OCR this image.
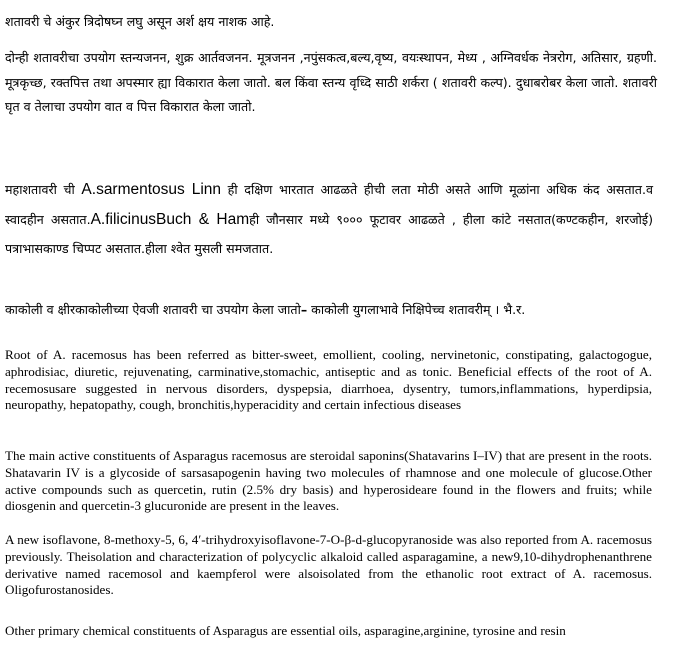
शतावरी चे अंकुर त्रिदोषघ्न लघु असून अर्श क्षय नाशक आहे.

दोन्ही शतावरीचा उपयोग स्तन्यजनन, शुक्र आर्तवजनन. मूत्रजनन ,नपुंसकत्व,बल्य,वृष्य, वयःस्थापन, मेध्य , अग्निवर्धक नेत्ररोग, अतिसार, ग्रहणी. मूत्रकृच्छ, रक्तपित्त तथा अपस्मार ह्या विकारात केला जातो. बल किंवा स्तन्य वृध्दि साठी शर्करा ( शतावरी कल्प). दुधाबरोबर केला जातो. शतावरी घृत व तेलाचा उपयोग वात व पित्त विकारात केला जातो.

महाशतावरी ची A.sarmentosus Linn ही दक्षिण भारतात आढळते हीची लता मोठी असते आणि मूळांना अधिक कंद असतात.व स्वादहीन असतात.A.filicinusBuch & Hamही जौनसार मध्ये ९००० फूटावर आढळते , हीला कांटे नसतात(कण्टकहीन, शरजोई) पत्राभासकाण्ड चिप्पट असतात.हीला श्वेत मुसली समजतात.

काकोली व क्षीरकाकोलीच्या ऐवजी शतावरी चा उपयोग केला जातो– काकोली युगलाभावे निक्षिपेच्च शतावरीम् । भै.र.

Root of A. racemosus has been referred as bitter-sweet, emollient, cooling, nervinetonic, constipating, galactogogue, aphrodisiac, diuretic, rejuvenating, carminative,stomachic, antiseptic and as tonic. Beneficial effects of the root of A. recemosusare suggested in nervous disorders, dyspepsia, diarrhoea, dysentry, tumors,inflammations, hyperdipsia, neuropathy, hepatopathy, cough, bronchitis,hyperacidity and certain infectious diseases

The main active constituents of Asparagus racemosus are steroidal saponins(Shatavarins I–IV) that are present in the roots. Shatavarin IV is a glycoside of sarsasapogenin having two molecules of rhamnose and one molecule of glucose.Other active compounds such as quercetin, rutin (2.5% dry basis) and hyperosideare found in the flowers and fruits; while diosgenin and quercetin-3 glucuronide are present in the leaves.

A new isoflavone, 8-methoxy-5, 6, 4′-trihydroxyisoflavone-7-O-β-d-glucopyranoside was also reported from A. racemosus previously. Theisolation and characterization of polycyclic alkaloid called asparagamine, a new9,10-dihydrophenanthrene derivative named racemosol and kaempferol were alsoisolated from the ethanolic root extract of A. racemosus. Oligofurostanosides.

Other primary chemical constituents of Asparagus are essential oils, asparagine,arginine, tyrosine and resin
